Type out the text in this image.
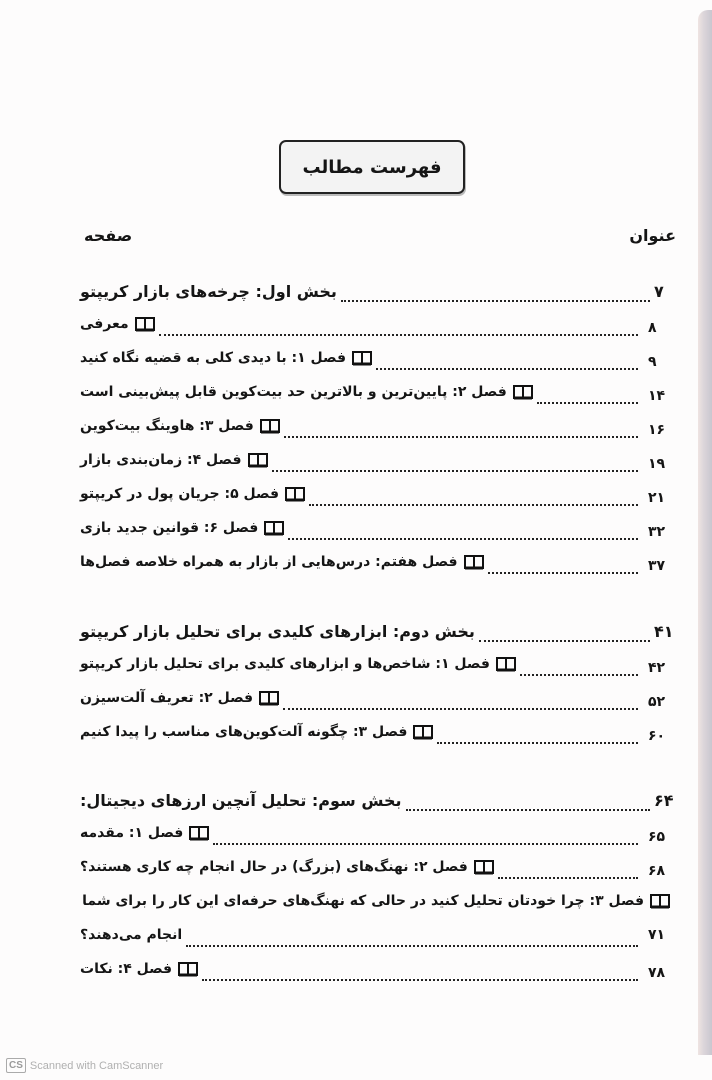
فهرست مطالب
عنوان
صفحه
بخش اول: چرخه‌های بازار کریپتو	۷
معرفی	۸
فصل ۱: با دیدی کلی به قضیه نگاه کنید	۹
فصل ۲: پایین‌ترین و بالاترین حد بیت‌کوین قابل پیش‌بینی است	۱۴
فصل ۳: هاوینگ بیت‌کوین	۱۶
فصل ۴: زمان‌بندی بازار	۱۹
فصل ۵: جریان پول در کریپتو	۲۱
فصل ۶: قوانین جدید بازی	۳۲
فصل هفتم: درس‌هایی از بازار به همراه خلاصه فصل‌ها	۳۷
بخش دوم: ابزارهای کلیدی برای تحلیل بازار کریپتو	۴۱
فصل ۱: شاخص‌ها و ابزارهای کلیدی برای تحلیل بازار کریپتو	۴۲
فصل ۲: تعریف آلت‌سیزن	۵۲
فصل ۳: چگونه آلت‌کوین‌های مناسب را پیدا کنیم	۶۰
بخش سوم: تحلیل آنچین ارزهای دیجیتال:	۶۴
فصل ۱: مقدمه	۶۵
فصل ۲: نهنگ‌های (بزرگ) در حال انجام چه کاری هستند؟	۶۸
فصل ۳: چرا خودتان تحلیل کنید در حالی که نهنگ‌های حرفه‌ای این کار را برای شما
انجام می‌دهند؟	۷۱
فصل ۴: نکات	۷۸
CS Scanned with CamScanner
